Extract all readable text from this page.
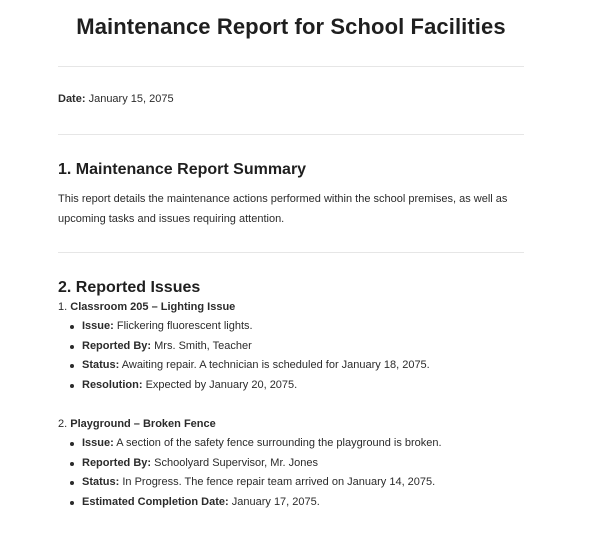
Maintenance Report for School Facilities
Date: January 15, 2075
1. Maintenance Report Summary
This report details the maintenance actions performed within the school premises, as well as upcoming tasks and issues requiring attention.
2. Reported Issues
1. Classroom 205 – Lighting Issue
Issue: Flickering fluorescent lights.
Reported By: Mrs. Smith, Teacher
Status: Awaiting repair. A technician is scheduled for January 18, 2075.
Resolution: Expected by January 20, 2075.
2. Playground – Broken Fence
Issue: A section of the safety fence surrounding the playground is broken.
Reported By: Schoolyard Supervisor, Mr. Jones
Status: In Progress. The fence repair team arrived on January 14, 2075.
Estimated Completion Date: January 17, 2075.
